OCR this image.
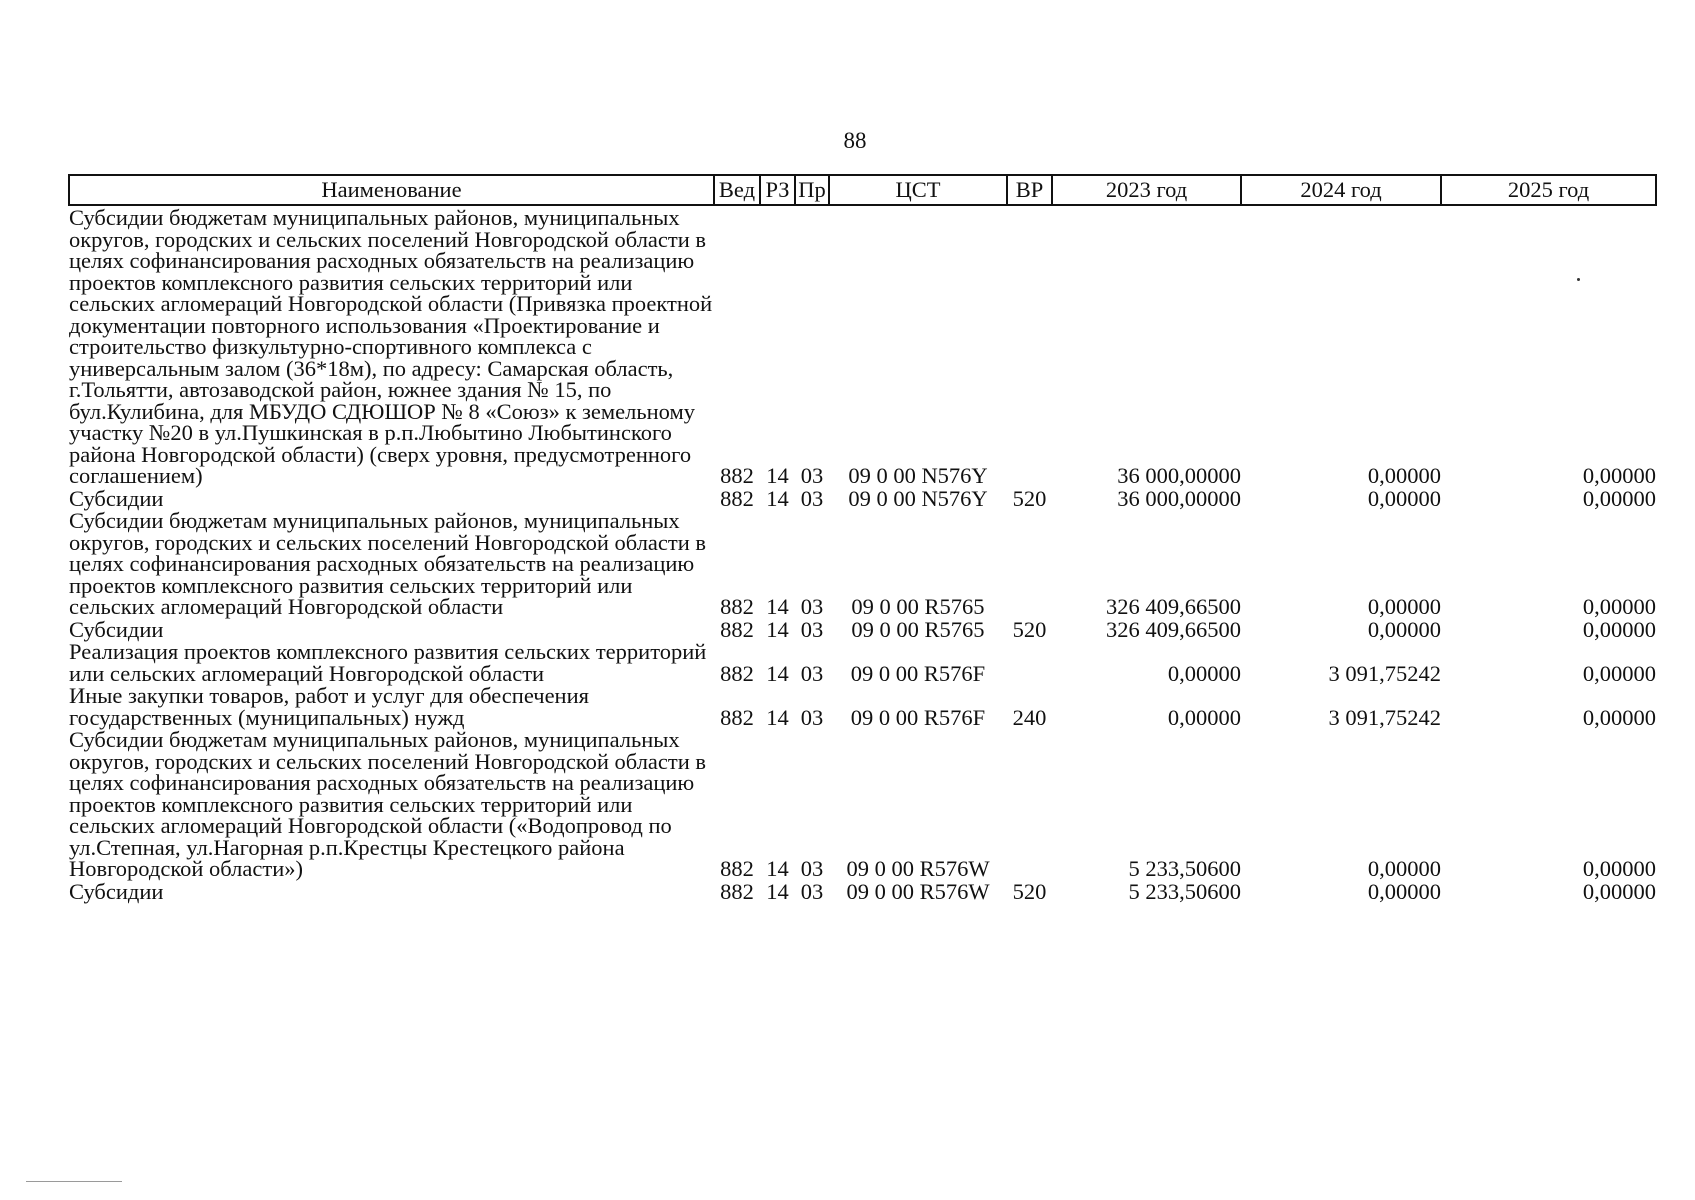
88
Наименование	Вед	РЗ	Пр	ЦСТ	ВР	2023 год	2024 год	2025 год
Субсидии бюджетам муниципальных районов, муниципальных округов, городских и сельских поселений Новгородской области в целях софинансирования расходных обязательств на реализацию проектов комплексного развития сельских территорий или сельских агломераций Новгородской области (Привязка проектной документации повторного использования «Проектирование и строительство физкультурно-спортивного комплекса с универсальным залом (36*18м), по адресу: Самарская область, г.Тольятти, автозаводской район, южнее здания № 15, по бул.Кулибина, для МБУДО СДЮШОР № 8 «Союз» к земельному участку №20 в ул.Пушкинская в р.п.Любытино Любытинского района Новгородской области) (сверх уровня, предусмотренного соглашением)	882	14	03	09 0 00 N576Y		36 000,00000	0,00000	0,00000
Субсидии	882	14	03	09 0 00 N576Y	520	36 000,00000	0,00000	0,00000
Субсидии бюджетам муниципальных районов, муниципальных округов, городских и сельских поселений Новгородской области в целях софинансирования расходных обязательств на реализацию проектов комплексного развития сельских территорий или сельских агломераций Новгородской области	882	14	03	09 0 00 R5765		326 409,66500	0,00000	0,00000
Субсидии	882	14	03	09 0 00 R5765	520	326 409,66500	0,00000	0,00000
Реализация проектов комплексного развития сельских территорий или сельских агломераций Новгородской области	882	14	03	09 0 00 R576F		0,00000	3 091,75242	0,00000
Иные закупки товаров, работ и услуг для обеспечения государственных (муниципальных) нужд	882	14	03	09 0 00 R576F	240	0,00000	3 091,75242	0,00000
Субсидии бюджетам муниципальных районов, муниципальных округов, городских и сельских поселений Новгородской области в целях софинансирования расходных обязательств на реализацию проектов комплексного развития сельских территорий или сельских агломераций Новгородской области («Водопровод по ул.Степная, ул.Нагорная р.п.Крестцы Крестецкого района Новгородской области»)	882	14	03	09 0 00 R576W		5 233,50600	0,00000	0,00000
Субсидии	882	14	03	09 0 00 R576W	520	5 233,50600	0,00000	0,00000
